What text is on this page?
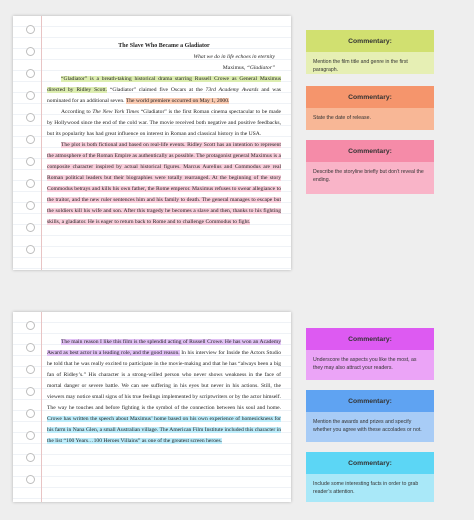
The Slave Who Became a Gladiator
What we do in life echoes in eternity
Maximus, “Gladiator”

“Gladiator” is a breath-taking historical drama starring Russell Crowe as General Maximus directed by Ridley Scott. “Gladiator” claimed five Oscars at the 73rd Academy Awards and was nominated for an additional seven. The world premiere occurred on May 1, 2000.

According to The New York Times “Gladiator” is the first Roman cinema spectacular to be made by Hollywood since the end of the cold war. The movie received both negative and positive feedbacks, but its popularity has had great influence on interest in Roman and classical history in the USA.

The plot is both fictional and based on real-life events. Ridley Scott has an intention to represent the atmosphere of the Roman Empire as authentically as possible. The protagonist general Maximus is a composite character inspired by actual historical figures. Marcus Aurelius and Commodus are real Roman political leaders but their biographies were totally rearranged. At the beginning of the story Commodus betrays and kills his own father, the Rome emperor. Maximus refuses to swear allegiance to the traitor, and the new ruler sentences him and his family to death. The general manages to escape but the soldiers kill his wife and son. After this tragedy he becomes a slave and then, thanks to his fighting skills, a gladiator. He is eager to return back to Rome and to challenge Commodus to fight.

The main reason I like this film is the splendid acting of Russell Crowe. He has won an Academy Award as best actor in a leading role, and the good reason. In his interview for Inside the Actors Studio he told that he was really excited to participate in the movie-making and that he has “always been a big fan of Ridley’s.” His character is a strong-willed person who never shows weakness in the face of mortal danger or severe battle. We can see suffering in his eyes but never in his actions. Still, the viewers may notice small signs of his true feelings implemented by scriptwriters or by the actor himself. The way he touches and before fighting is the symbol of the connection between his soul and home. Crowe has written the speech about Maximus’ home based on his own experience of homesickness for his farm in Nana Glen, a small Australian village. The American Film Institute included this character in the list “100 Years…100 Heroes Villains” as one of the greatest screen heroes.

Commentary:
Mention the film title and genre in the first paragraph.
Commentary:
State the date of release.
Commentary:
Describe the storyline briefly but don’t reveal the ending.
Commentary:
Underscore the aspects you like the most, as they may also attract your readers.
Commentary:
Mention the awards and prizes and specify whether you agree with these accolades or not.
Commentary:
Include some interesting facts in order to grab reader’s attention.
